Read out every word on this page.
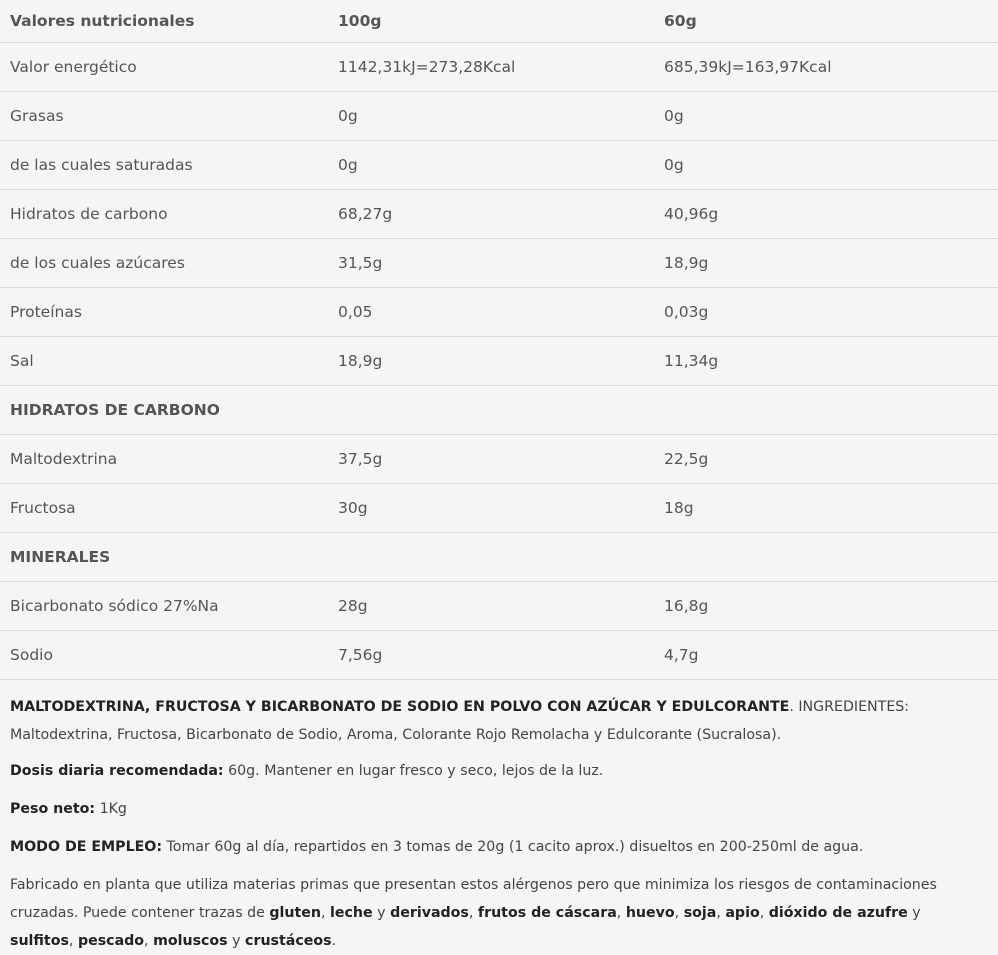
Valores nutricionales	100g	60g
Valor energético	1142,31kJ=273,28Kcal	685,39kJ=163,97Kcal
Grasas	0g	0g
de las cuales saturadas	0g	0g
Hidratos de carbono	68,27g	40,96g
de los cuales azúcares	31,5g	18,9g
Proteínas	0,05	0,03g
Sal	18,9g	11,34g
HIDRATOS DE CARBONO		
Maltodextrina	37,5g	22,5g
Fructosa	30g	18g
MINERALES		
Bicarbonato sódico 27%Na	28g	16,8g
Sodio	7,56g	4,7g

MALTODEXTRINA, FRUCTOSA Y BICARBONATO DE SODIO EN POLVO CON AZÚCAR Y EDULCORANTE. INGREDIENTES: Maltodextrina, Fructosa, Bicarbonato de Sodio, Aroma, Colorante Rojo Remolacha y Edulcorante (Sucralosa).

Dosis diaria recomendada: 60g. Mantener en lugar fresco y seco, lejos de la luz.

Peso neto: 1Kg

MODO DE EMPLEO: Tomar 60g al día, repartidos en 3 tomas de 20g (1 cacito aprox.) disueltos en 200-250ml de agua.

Fabricado en planta que utiliza materias primas que presentan estos alérgenos pero que minimiza los riesgos de contaminaciones cruzadas. Puede contener trazas de gluten, leche y derivados, frutos de cáscara, huevo, soja, apio, dióxido de azufre y sulfitos, pescado, moluscos y crustáceos.
